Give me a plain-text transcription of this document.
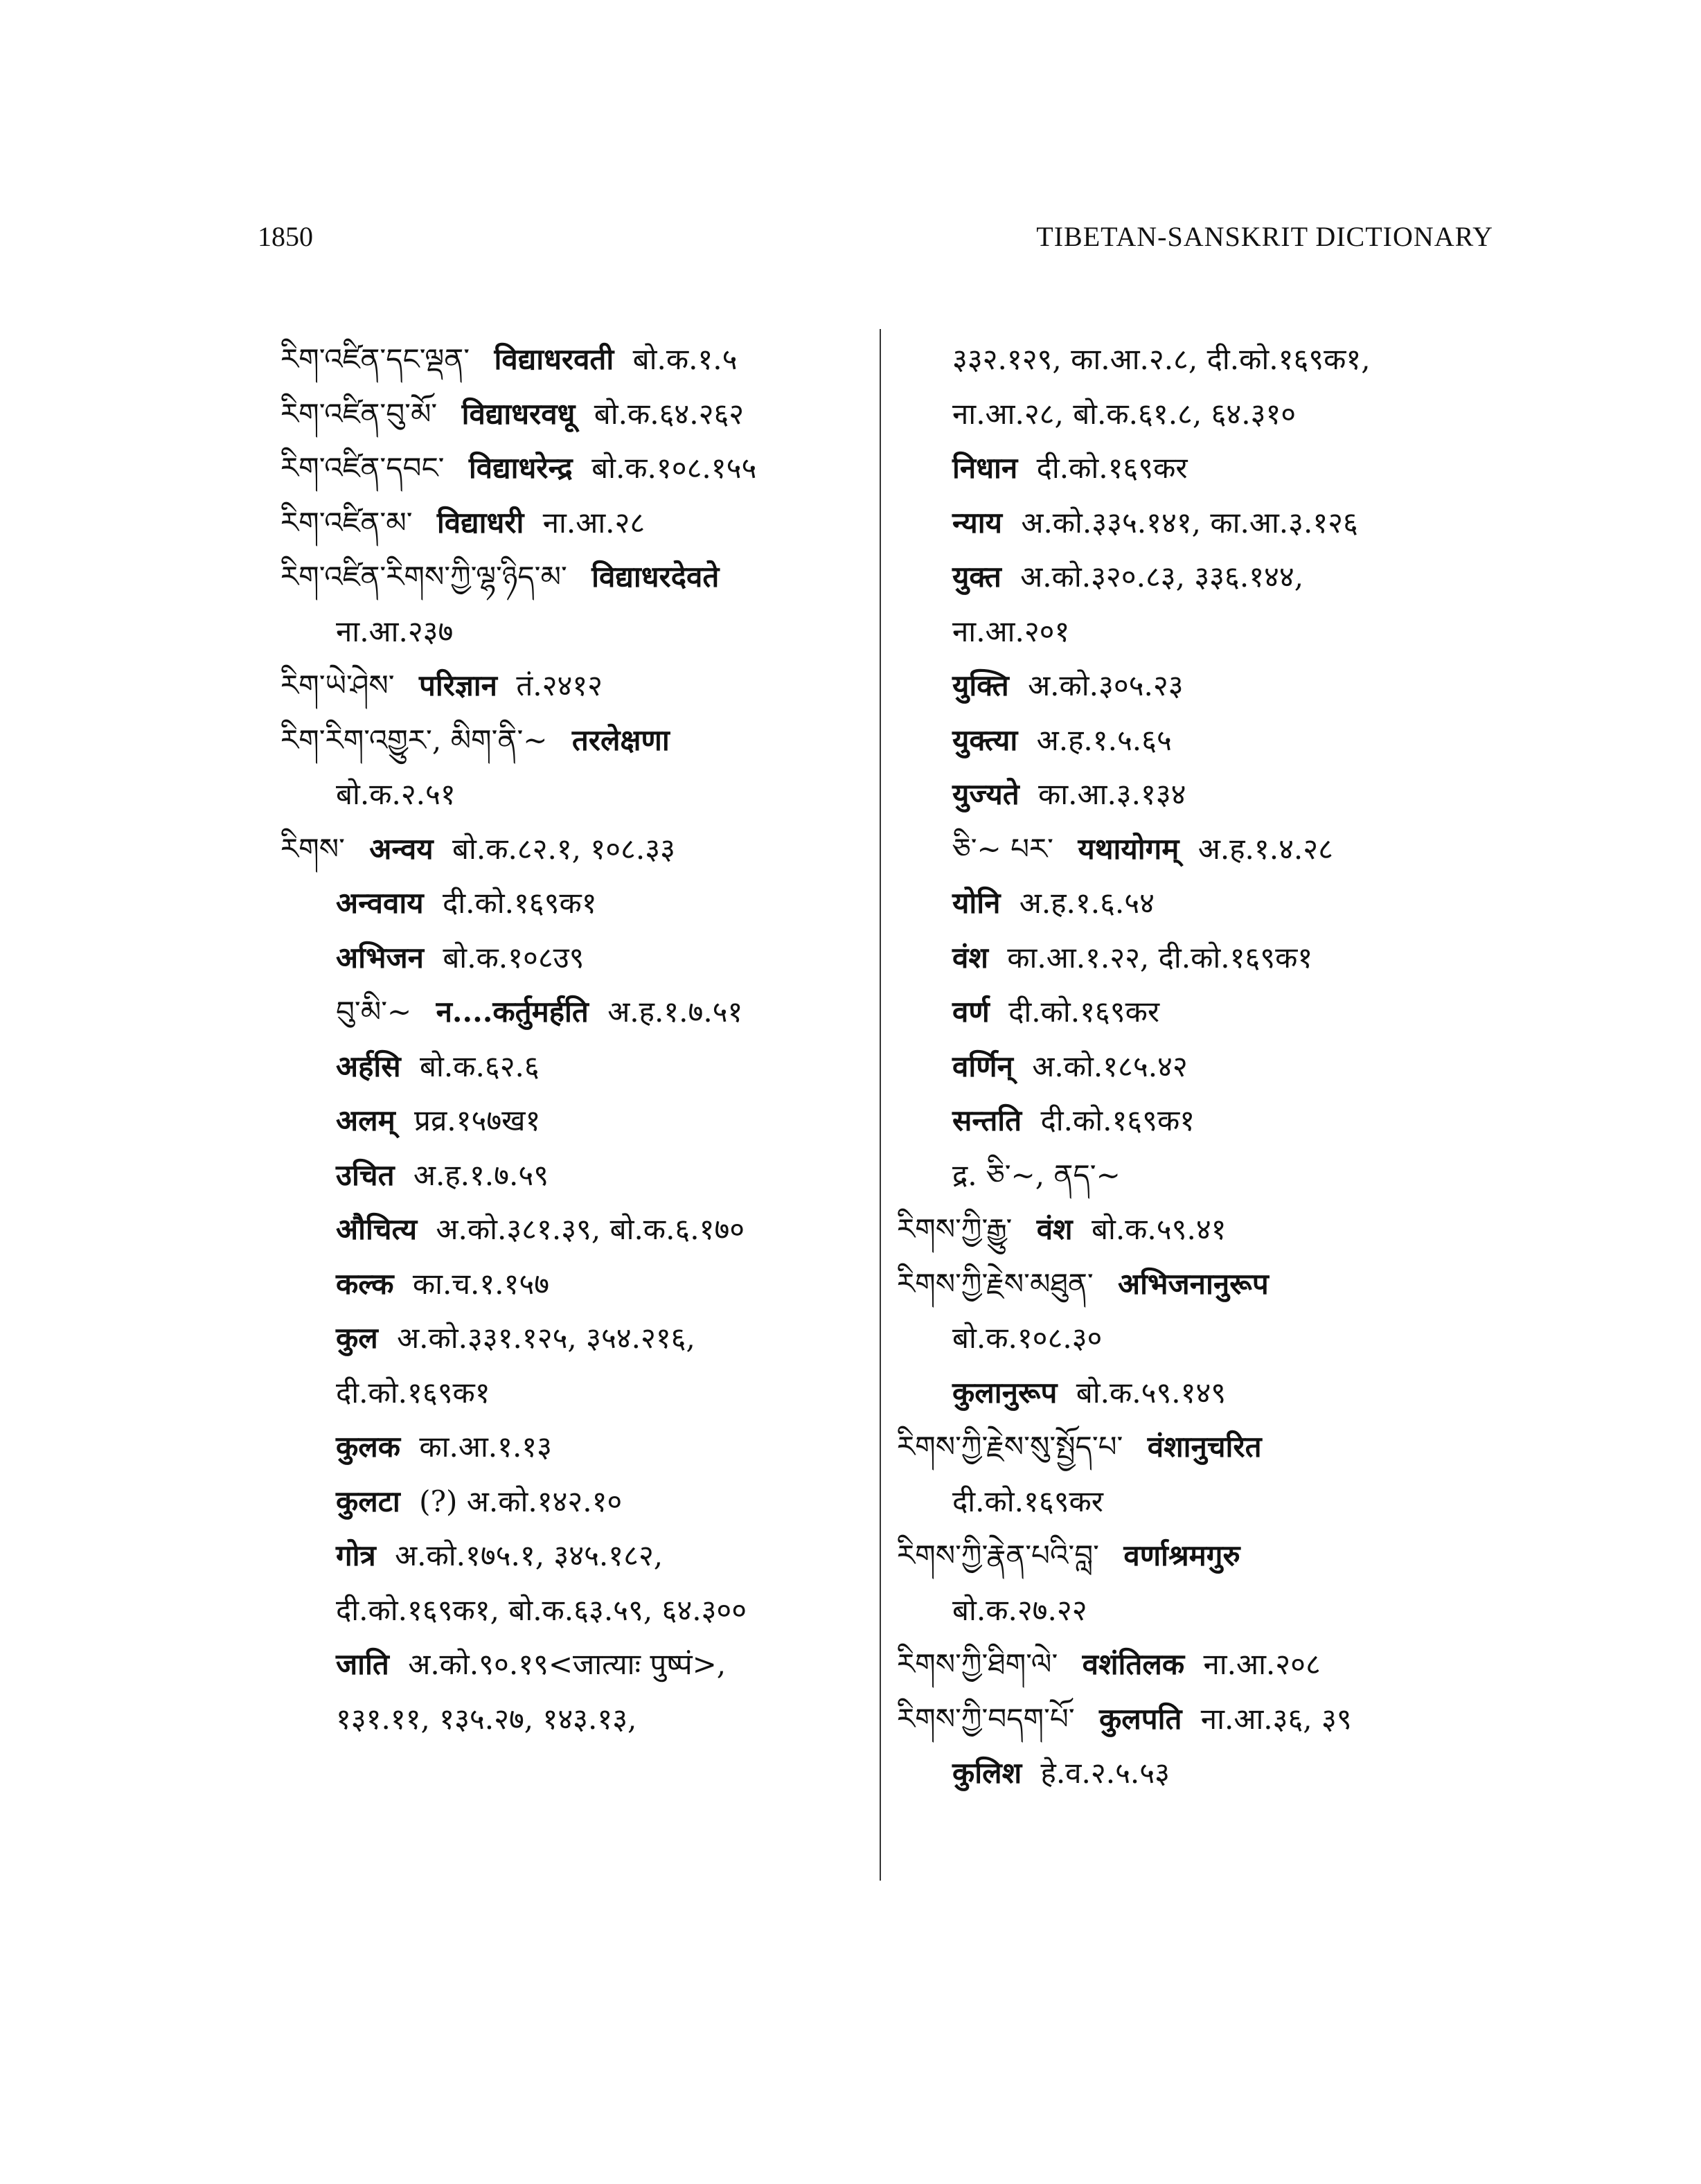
1850	TIBETAN-SANSKRIT DICTIONARY
རིག་འཛིན་དང་ལྡན་ विद्याधरवती बो.क.१.५
རིག་འཛིན་བུ་མོ་ विद्याधरवधू बो.क.६४.२६२
རིག་འཛིན་དབང་ विद्याधरेन्द्र बो.क.१०८.१५५
རིག་འཛིན་མ་ विद्याधरी ना.आ.२८
རིག་འཛིན་རིགས་ཀྱི་ལྷ་ཉིད་མ་ विद्याधरदेवते
ना.आ.२३७
རིག་ཡེ་ཤེས་ परिज्ञान तं.२४१२
རིག་རིག་འགྱུར་, མིག་ནི་~ तरलेक्षणा
बो.क.२.५१
རིགས་ अन्वय बो.क.८२.१, १०८.३३
अन्ववाय दी.को.१६९क१
अभिजन बो.क.१०८उ९
བུ་མི་~ न....कर्तुमर्हति अ.ह.१.७.५१
अर्हसि बो.क.६२.६
अलम् प्रव्र.१५७ख१
उचित अ.ह.१.७.५९
औचित्य अ.को.३८१.३९, बो.क.६.१७०
कल्क का.च.१.१५७
कुल अ.को.३३१.१२५, ३५४.२१६,
दी.को.१६९क१
कुलक का.आ.१.१३
कुलटा (?) अ.को.१४२.१०
गोत्र अ.को.१७५.१, ३४५.१८२,
दी.को.१६९क१, बो.क.६३.५९, ६४.३००
जाति अ.को.९०.१९<जात्याः पुष्पं>,
१३१.११, १३५.२७, १४३.१३,
३३२.१२९, का.आ.२.८, दी.को.१६९क१,
ना.आ.२८, बो.क.६१.८, ६४.३१०
निधान दी.को.१६९कर
न्याय अ.को.३३५.१४१, का.आ.३.१२६
युक्त अ.को.३२०.८३, ३३६.१४४,
ना.आ.२०१
युक्ति अ.को.३०५.२३
युक्त्या अ.ह.१.५.६५
युज्यते का.आ.३.१३४
ཅི་~ པར་ यथायोगम् अ.ह.१.४.२८
योनि अ.ह.१.६.५४
वंश का.आ.१.२२, दी.को.१६९क१
वर्ण दी.को.१६९कर
वर्णिन् अ.को.१८५.४२
सन्तति दी.को.१६९क१
द्र. ཅི་~, ནད་~
རིགས་ཀྱི་རྒྱུ་ वंश बो.क.५९.४१
རིགས་ཀྱི་རྗེས་མཐུན་ अभिजनानुरूप
बो.क.१०८.३०
कुलानुरूप बो.क.५९.१४९
རིགས་ཀྱི་རྗེས་སུ་སྤྱོད་པ་ वंशानुचरित
दी.को.१६९कर
རིགས་ཀྱི་རྣེན་པའི་བླ་ वर्णाश्रमगुरु
बो.क.२७.२२
རིགས་ཀྱི་ཐིག་ལེ་ वशंतिलक ना.आ.२०८
རིགས་ཀྱི་བདག་པོ་ कुलपति ना.आ.३६, ३९
कुलिश हे.व.२.५.५३
